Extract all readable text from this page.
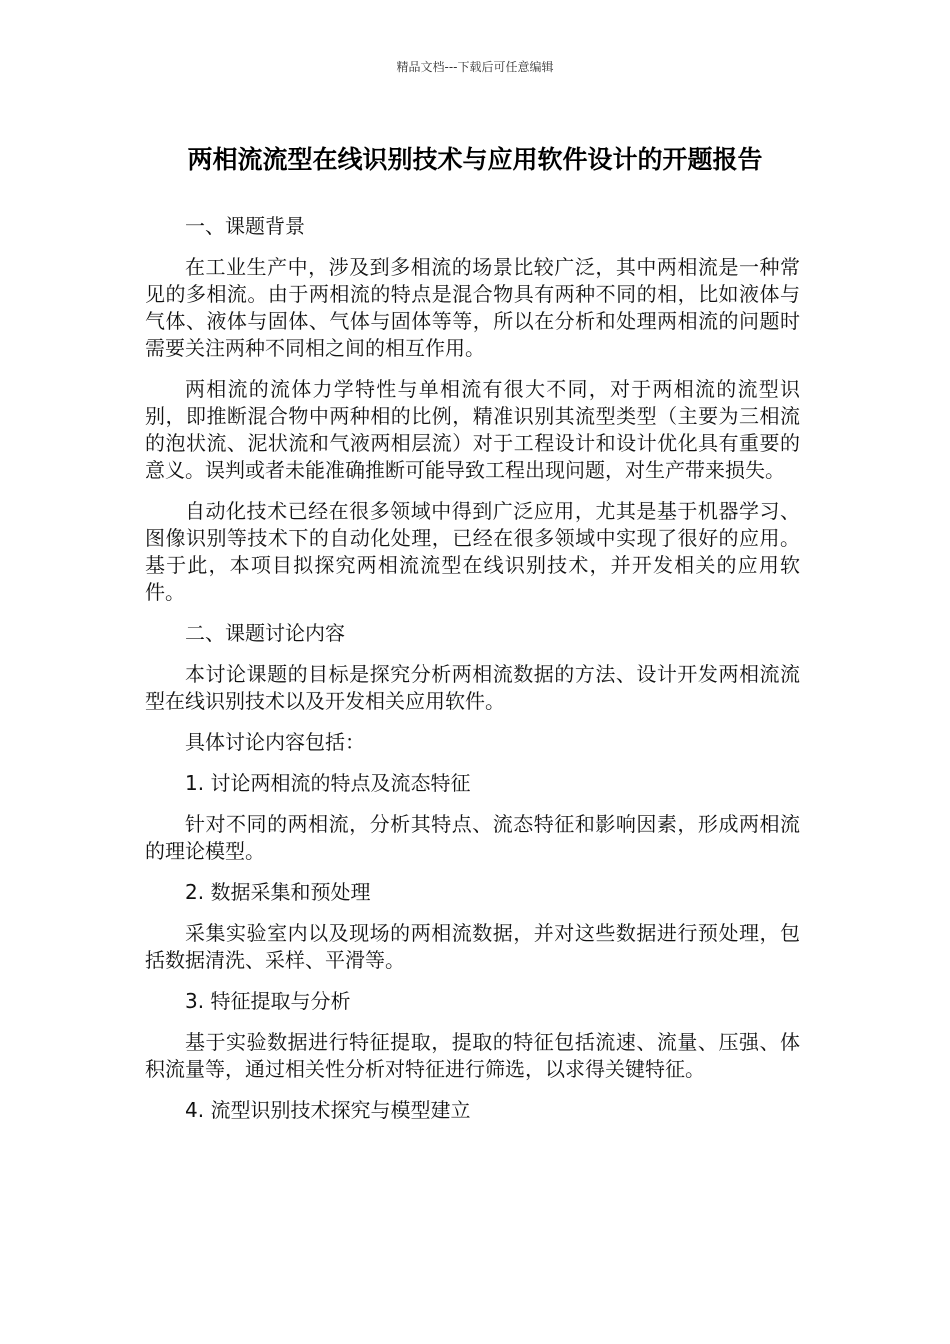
精品文档---下载后可任意编辑
两相流流型在线识别技术与应用软件设计的开题报告

一、课题背景

在工业生产中，涉及到多相流的场景比较广泛，其中两相流是一种常见的多相流。由于两相流的特点是混合物具有两种不同的相，比如液体与气体、液体与固体、气体与固体等等，所以在分析和处理两相流的问题时需要关注两种不同相之间的相互作用。

两相流的流体力学特性与单相流有很大不同，对于两相流的流型识别，即推断混合物中两种相的比例，精准识别其流型类型（主要为三相流的泡状流、泥状流和气液两相层流）对于工程设计和设计优化具有重要的意义。误判或者未能准确推断可能导致工程出现问题，对生产带来损失。

自动化技术已经在很多领域中得到广泛应用，尤其是基于机器学习、图像识别等技术下的自动化处理，已经在很多领域中实现了很好的应用。 基于此，本项目拟探究两相流流型在线识别技术，并开发相关的应用软件。

二、课题讨论内容

本讨论课题的目标是探究分析两相流数据的方法、设计开发两相流流型在线识别技术以及开发相关应用软件。

具体讨论内容包括：

1. 讨论两相流的特点及流态特征

针对不同的两相流，分析其特点、流态特征和影响因素，形成两相流的理论模型。

2. 数据采集和预处理

采集实验室内以及现场的两相流数据，并对这些数据进行预处理，包括数据清洗、采样、平滑等。

3. 特征提取与分析

基于实验数据进行特征提取，提取的特征包括流速、流量、压强、体积流量等，通过相关性分析对特征进行筛选，以求得关键特征。

4. 流型识别技术探究与模型建立
